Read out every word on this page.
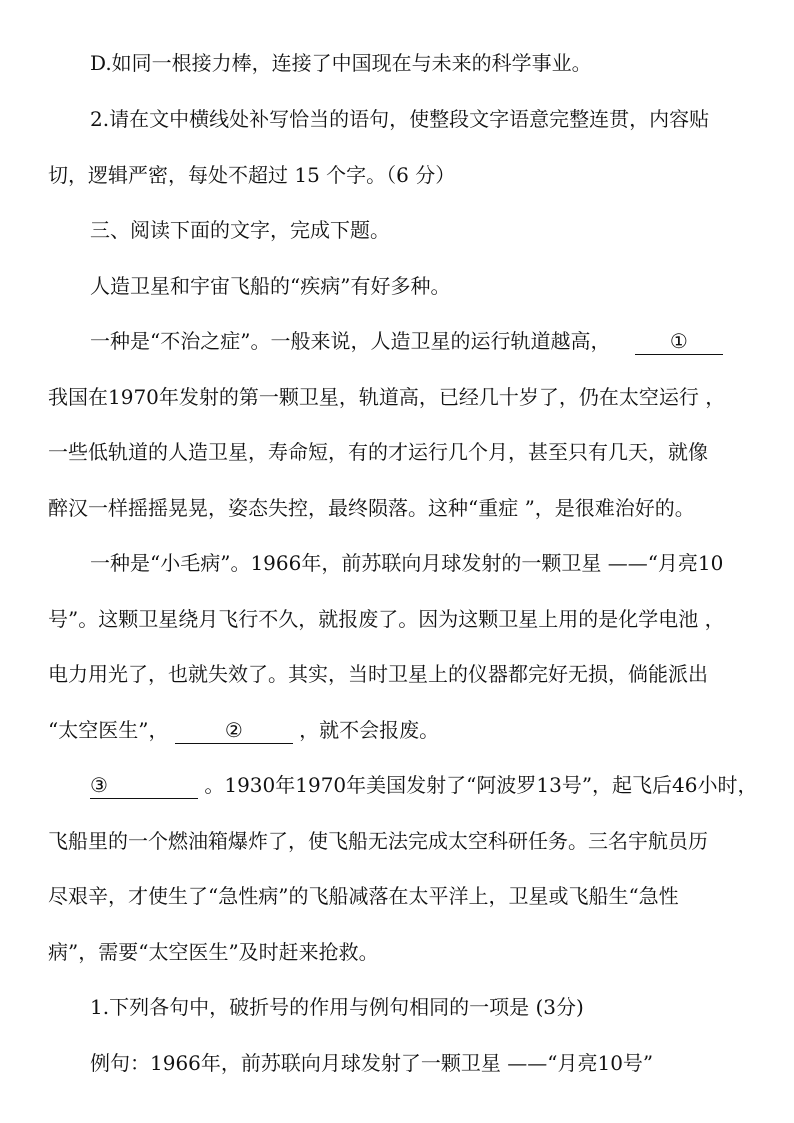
D.如同一根接力棒，连接了中国现在与未来的科学事业。
2.请在文中横线处补写恰当的语句，使整段文字语意完整连贯，内容贴
切，逻辑严密，每处不超过 15 个字。（6 分）
三、阅读下面的文字，完成下题。
人造卫星和宇宙飞船的“疾病”有好多种。
一种是“不治之症”。一般来说，人造卫星的运行轨道越高，	①
我国在1970年发射的第一颗卫星，轨道高，已经几十岁了，仍在太空运行 ，
一些低轨道的人造卫星，寿命短，有的才运行几个月，甚至只有几天，就像
醉汉一样摇摇晃晃，姿态失控，最终陨落。这种“重症 ”，是很难治好的。
一种是“小毛病”。1966年，前苏联向月球发射的一颗卫星 ——“月亮10
号”。这颗卫星绕月飞行不久，就报废了。因为这颗卫星上用的是化学电池 ，
电力用光了，也就失效了。其实，当时卫星上的仪器都完好无损，倘能派出
“太空医生”，	②	，就不会报废。
③	。1930年1970年美国发射了“阿波罗13号”，起飞后46小时，
飞船里的一个燃油箱爆炸了，使飞船无法完成太空科研任务。三名宇航员历
尽艰辛，才使生了“急性病”的飞船减落在太平洋上，卫星或飞船生“急性
病”，需要“太空医生”及时赶来抢救。
1.下列各句中，破折号的作用与例句相同的一项是 (3分)
例句：1966年，前苏联向月球发射了一颗卫星 ——“月亮10号”
